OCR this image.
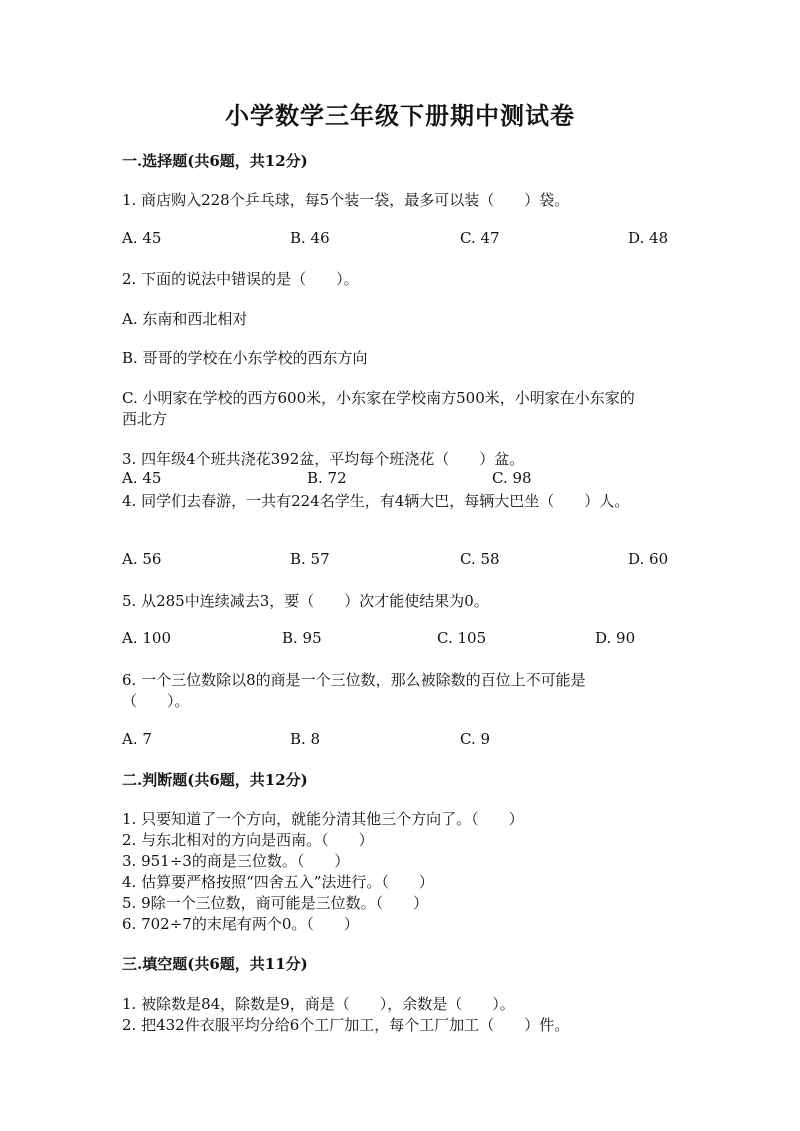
小学数学三年级下册期中测试卷
一.选择题(共6题，共12分)
1. 商店购入228个乒乓球，每5个装一袋，最多可以装（　　）袋。
A. 45	B. 46	C. 47	D. 48
2. 下面的说法中错误的是（　　）。
A. 东南和西北相对
B. 哥哥的学校在小东学校的西东方向
C. 小明家在学校的西方600米，小东家在学校南方500米，小明家在小东家的
西北方
3. 四年级4个班共浇花392盆，平均每个班浇花（　　）盆。
A. 45	B. 72	C. 98
4. 同学们去春游，一共有224名学生，有4辆大巴，每辆大巴坐（　　）人。
A. 56	B. 57	C. 58	D. 60
5. 从285中连续减去3，要（　　）次才能使结果为0。
A. 100	B. 95	C. 105	D. 90
6. 一个三位数除以8的商是一个三位数，那么被除数的百位上不可能是
（　　）。
A. 7	B. 8	C. 9
二.判断题(共6题，共12分)
1. 只要知道了一个方向，就能分清其他三个方向了。（　　）
2. 与东北相对的方向是西南。（　　）
3. 951÷3的商是三位数。（　　）
4. 估算要严格按照“四舍五入”法进行。（　　）
5. 9除一个三位数，商可能是三位数。（　　）
6. 702÷7的末尾有两个0。（　　）
三.填空题(共6题，共11分)
1. 被除数是84，除数是9，商是（　　），余数是（　　）。
2. 把432件衣服平均分给6个工厂加工，每个工厂加工（　　）件。
